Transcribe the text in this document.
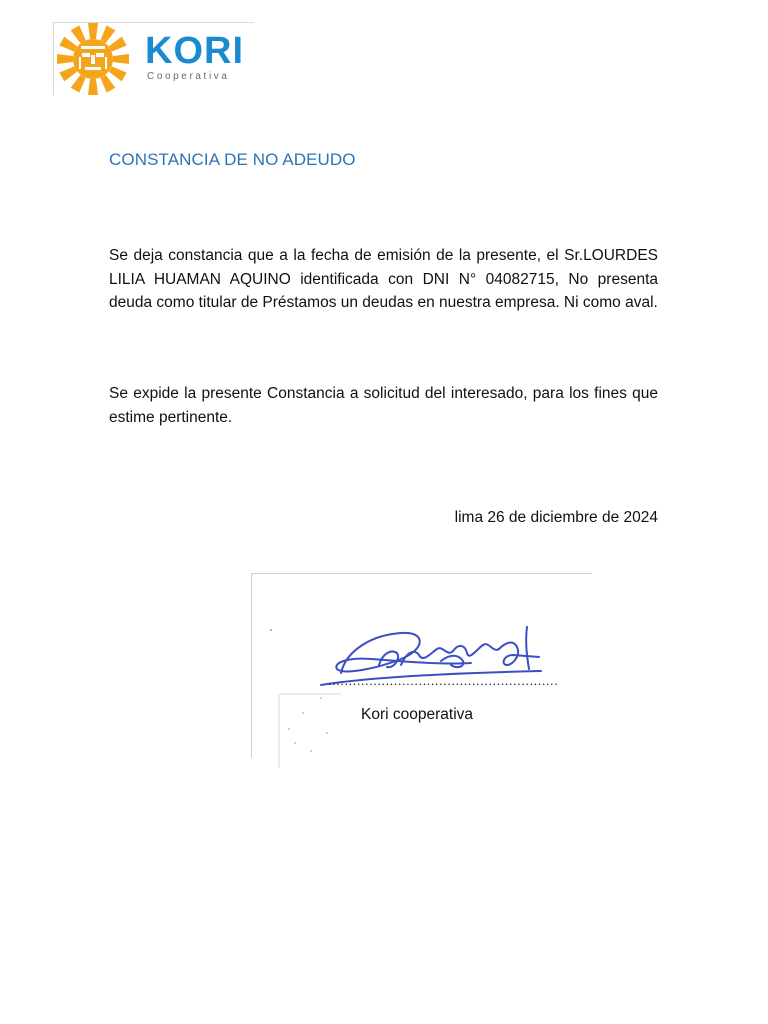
KORI
Cooperativa
CONSTANCIA DE NO ADEUDO
Se deja constancia que a la fecha de emisión de la presente, el Sr.LOURDES LILIA HUAMAN AQUINO identificada con DNI N° 04082715, No presenta deuda como titular de Préstamos un deudas en nuestra empresa. Ni como aval.
Se expide la presente Constancia a solicitud del interesado, para los fines que estime pertinente.
lima 26 de diciembre de 2024
........................................................
Kori cooperativa
